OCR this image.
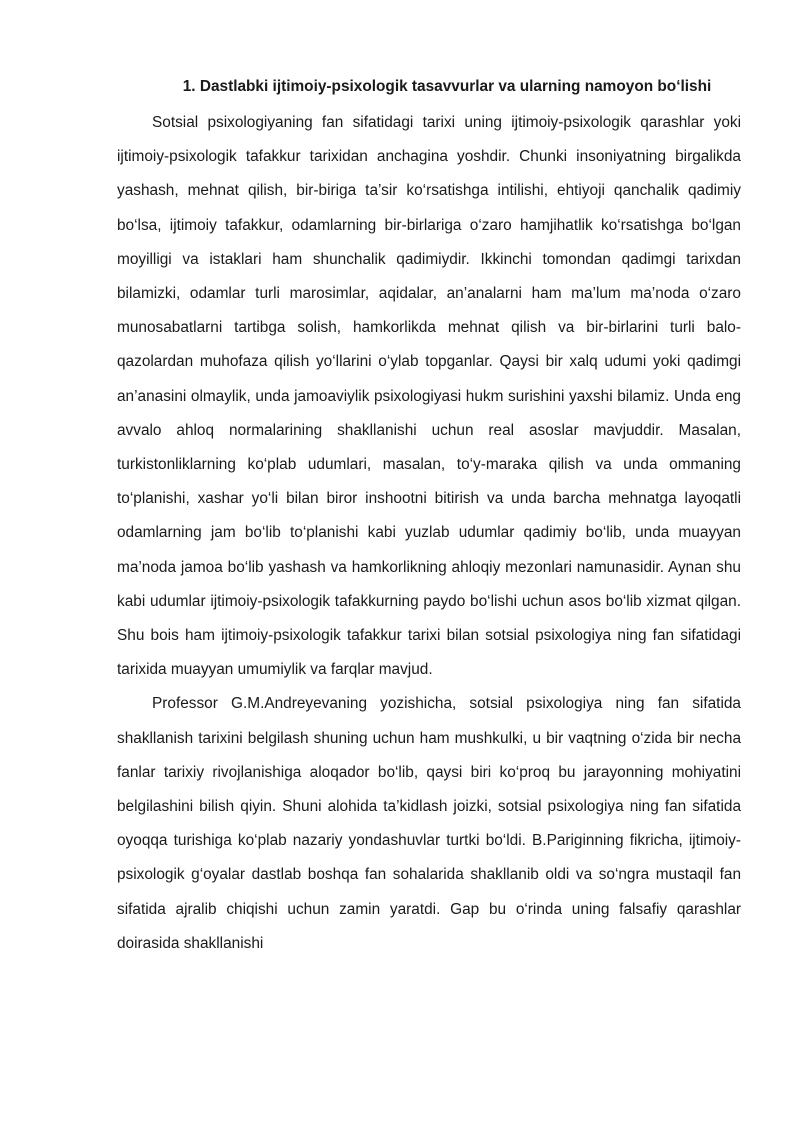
1. Dastlabki ijtimoiy-psixologik tasavvurlar va ularning namoyon bo‘lishi

Sotsial psixologiyaning fan sifatidagi tarixi uning ijtimoiy-psixologik qarashlar yoki ijtimoiy-psixologik tafakkur tarixidan anchagina yoshdir. Chunki insoniyatning birgalikda yashash, mehnat qilish, bir-biriga ta’sir ko‘rsatishga intilishi, ehtiyoji qanchalik qadimiy bo‘lsa, ijtimoiy tafakkur, odamlarning bir-birlariga o‘zaro hamjihatlik ko‘rsatishga bo‘lgan moyilligi va istaklari ham shunchalik qadimiydir. Ikkinchi tomondan qadimgi tarixdan bilamizki, odamlar turli marosimlar, aqidalar, an’analarni ham ma’lum ma’noda o‘zaro munosabatlarni tartibga solish, hamkorlikda mehnat qilish va bir-birlarini turli balo-qazolardan muhofaza qilish yo‘llarini o‘ylab topganlar. Qaysi bir xalq udumi yoki qadimgi an’anasini olmaylik, unda jamoaviylik psixologiyasi hukm surishini yaxshi bilamiz. Unda eng avvalo ahloq normalarining shakllanishi uchun real asoslar mavjuddir. Masalan, turkistonliklarning ko‘plab udumlari, masalan, to‘y-maraka qilish va unda ommaning to‘planishi, xashar yo‘li bilan biror inshootni bitirish va unda barcha mehnatga layoqatli odamlarning jam bo‘lib to‘planishi kabi yuzlab udumlar qadimiy bo‘lib, unda muayyan ma’noda jamoa bo‘lib yashash va hamkorlikning ahloqiy mezonlari namunasidir. Aynan shu kabi udumlar ijtimoiy-psixologik tafakkurning paydo bo‘lishi uchun asos bo‘lib xizmat qilgan. Shu bois ham ijtimoiy-psixologik tafakkur tarixi bilan sotsial psixologiya ning fan sifatidagi tarixida muayyan umumiylik va farqlar mavjud.

Professor G.M.Andreyevaning yozishicha, sotsial psixologiya ning fan sifatida shakllanish tarixini belgilash shuning uchun ham mushkulki, u bir vaqtning o‘zida bir necha fanlar tarixiy rivojlanishiga aloqador bo‘lib, qaysi biri ko‘proq bu jarayonning mohiyatini belgilashini bilish qiyin. Shuni alohida ta’kidlash joizki, sotsial psixologiya ning fan sifatida oyoqqa turishiga ko‘plab nazariy yondashuvlar turtki bo‘ldi. B.Pariginning fikricha, ijtimoiy-psixologik g‘oyalar dastlab boshqa fan sohalarida shakllanib oldi va so‘ngra mustaqil fan sifatida ajralib chiqishi uchun zamin yaratdi. Gap bu o‘rinda uning falsafiy qarashlar doirasida shakllanishi
